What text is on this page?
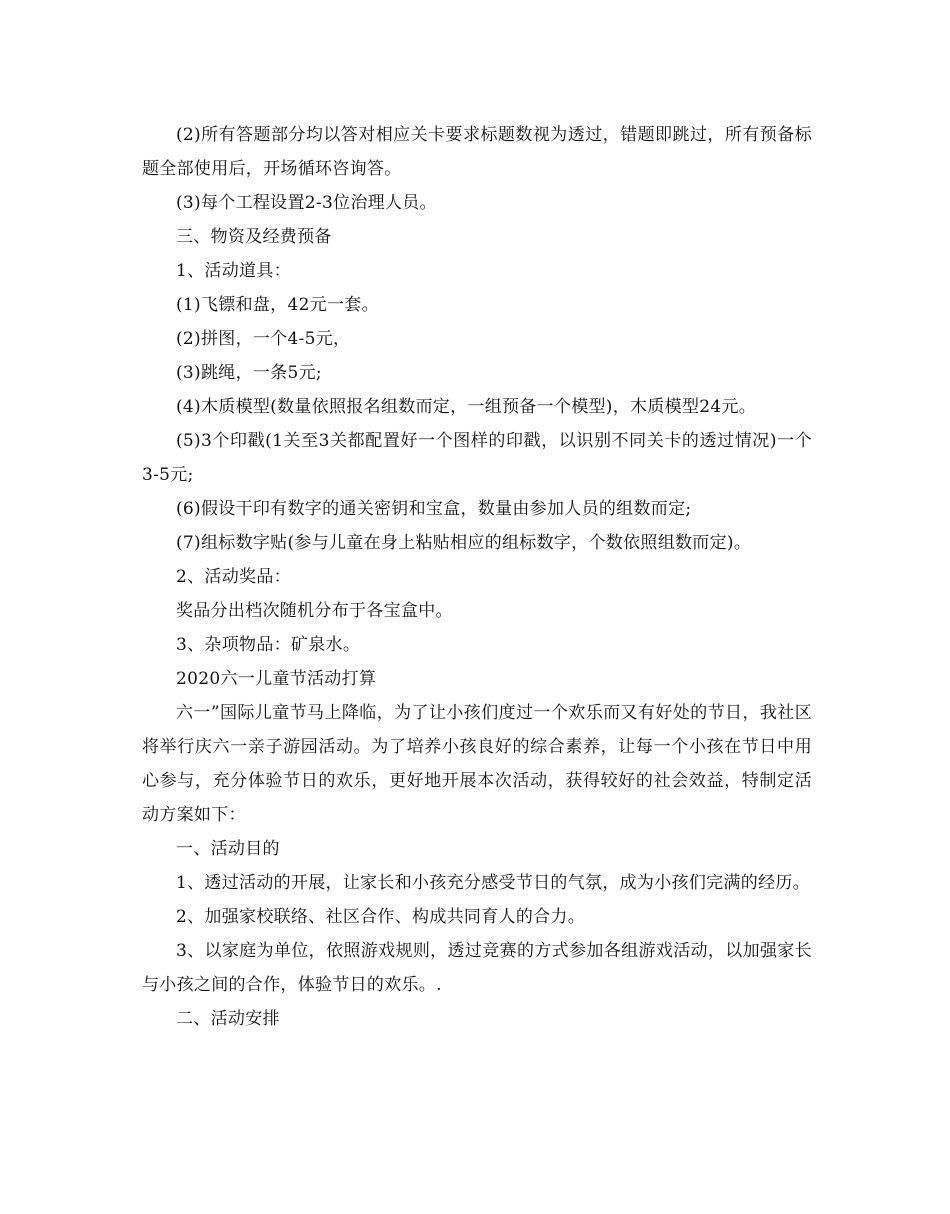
(2)所有答题部分均以答对相应关卡要求标题数视为透过，错题即跳过，所有预备标题全部使用后，开场循环咨询答。

(3)每个工程设置2-3位治理人员。

三、物资及经费预备

1、活动道具：

(1)飞镖和盘，42元一套。

(2)拼图，一个4-5元，

(3)跳绳，一条5元;

(4)木质模型(数量依照报名组数而定，一组预备一个模型)，木质模型24元。

(5)3个印戳(1关至3关都配置好一个图样的印戳，以识别不同关卡的透过情况)一个3-5元;

(6)假设干印有数字的通关密钥和宝盒，数量由参加人员的组数而定;

(7)组标数字贴(参与儿童在身上粘贴相应的组标数字，个数依照组数而定)。

2、活动奖品：

奖品分出档次随机分布于各宝盒中。

3、杂项物品：矿泉水。

2020六一儿童节活动打算

六一”国际儿童节马上降临，为了让小孩们度过一个欢乐而又有好处的节日，我社区将举行庆六一亲子游园活动。为了培养小孩良好的综合素养，让每一个小孩在节日中用心参与，充分体验节日的欢乐，更好地开展本次活动，获得较好的社会效益，特制定活动方案如下：

一、活动目的

1、透过活动的开展，让家长和小孩充分感受节日的气氛，成为小孩们完满的经历。

2、加强家校联络、社区合作、构成共同育人的合力。

3、以家庭为单位，依照游戏规则，透过竞赛的方式参加各组游戏活动，以加强家长与小孩之间的合作，体验节日的欢乐。.

二、活动安排
